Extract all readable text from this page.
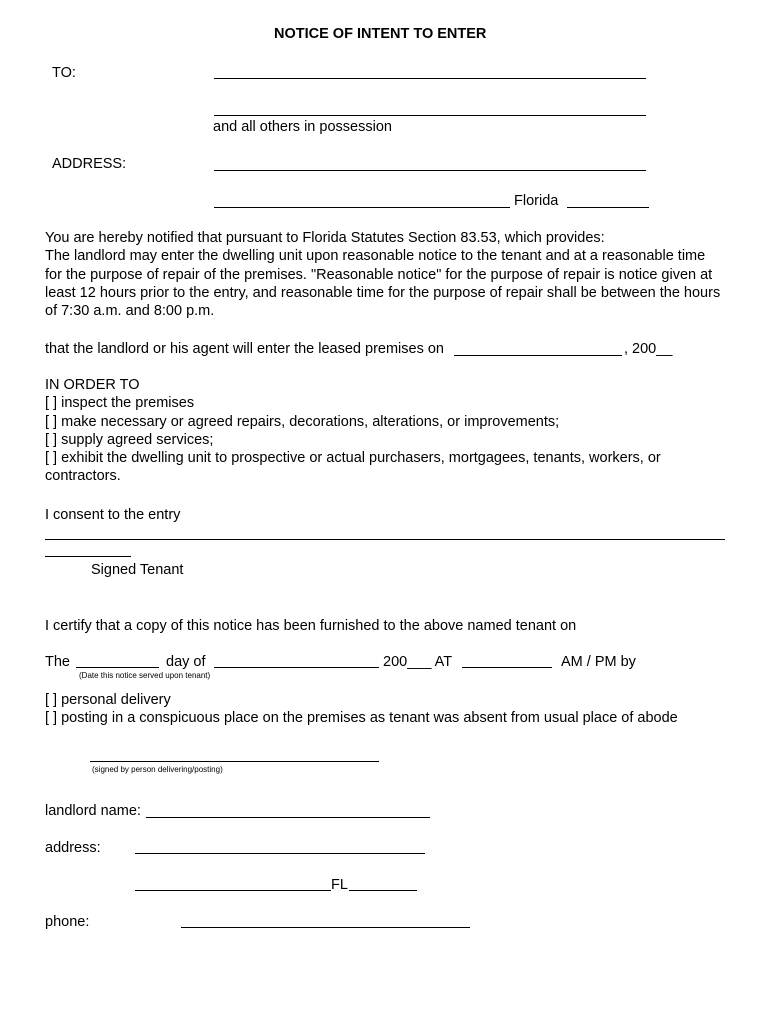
NOTICE OF INTENT TO ENTER
TO:
and all others in possession
ADDRESS:
Florida
You are hereby notified that pursuant to Florida Statutes Section 83.53, which provides:
The landlord may enter the dwelling unit upon reasonable notice to the tenant and at a reasonable time
for the purpose of repair of the premises. "Reasonable notice" for the purpose of repair is notice given at
least 12 hours prior to the entry, and reasonable time for the purpose of repair shall be between the hours
of 7:30 a.m. and 8:00 p.m.
that the landlord or his agent will enter the leased premises on	, 200__
IN ORDER TO
[ ] inspect the premises
[ ] make necessary or agreed repairs, decorations, alterations, or improvements;
[ ] supply agreed services;
[ ] exhibit the dwelling unit to prospective or actual purchasers, mortgagees, tenants, workers, or
contractors.
I consent to the entry
Signed Tenant
I certify that a copy of this notice has been furnished to the above named tenant on
The	day of	200___ AT	AM / PM by
(Date this notice served upon tenant)
[ ] personal delivery
[ ] posting in a conspicuous place on the premises as tenant was absent from usual place of abode
(signed by person delivering/posting)
landlord name:
address:
FL
phone:
